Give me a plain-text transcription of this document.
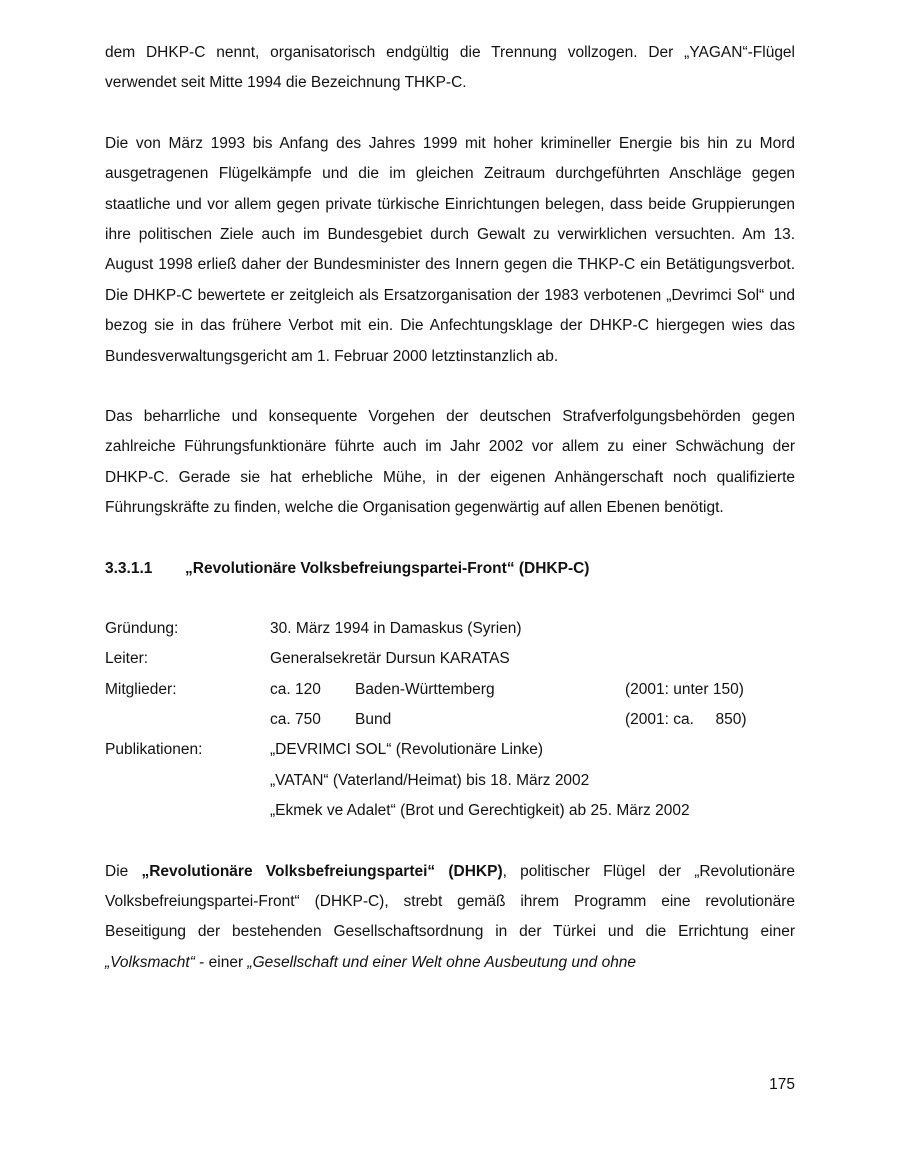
dem DHKP-C nennt, organisatorisch endgültig die Trennung vollzogen. Der „YAGAN“-Flügel verwendet seit Mitte 1994 die Bezeichnung THKP-C.

Die von März 1993 bis Anfang des Jahres 1999 mit hoher krimineller Energie bis hin zu Mord ausgetragenen Flügelkämpfe und die im gleichen Zeitraum durchgeführten Anschläge gegen staatliche und vor allem gegen private türkische Einrichtungen belegen, dass beide Gruppierungen ihre politischen Ziele auch im Bundesgebiet durch Gewalt zu verwirklichen versuchten. Am 13. August 1998 erließ daher der Bundesminister des Innern gegen die THKP-C ein Betätigungsverbot. Die DHKP-C bewertete er zeitgleich als Ersatzorganisation der 1983 verbotenen „Devrimci Sol“ und bezog sie in das frühere Verbot mit ein. Die Anfechtungsklage der DHKP-C hiergegen wies das Bundesverwaltungsgericht am 1. Februar 2000 letztinstanzlich ab.

Das beharrliche und konsequente Vorgehen der deutschen Strafverfolgungsbehörden gegen zahlreiche Führungsfunktionäre führte auch im Jahr 2002 vor allem zu einer Schwächung der DHKP-C. Gerade sie hat erhebliche Mühe, in der eigenen Anhängerschaft noch qualifizierte Führungskräfte zu finden, welche die Organisation gegenwärtig auf allen Ebenen benötigt.

3.3.1.1	„Revolutionäre Volksbefreiungspartei-Front“ (DHKP-C)
Gründung:	30. März 1994 in Damaskus (Syrien)
Leiter:	Generalsekretär Dursun KARATAS
Mitglieder:	ca. 120	Baden-Württemberg	(2001: unter 150)
ca. 750	Bund	(2001: ca.     850)
Publikationen:	„DEVRIMCI SOL“ (Revolutionäre Linke)
„VATAN“ (Vaterland/Heimat) bis 18. März 2002
„Ekmek ve Adalet“ (Brot und Gerechtigkeit) ab 25. März 2002

Die „Revolutionäre Volksbefreiungspartei“ (DHKP), politischer Flügel der „Revolutionäre Volksbefreiungspartei-Front“ (DHKP-C), strebt gemäß ihrem Programm eine revolutionäre Beseitigung der bestehenden Gesellschaftsordnung in der Türkei und die Errichtung einer „Volksmacht“ - einer „Gesellschaft und einer Welt ohne Ausbeutung und ohne

175
